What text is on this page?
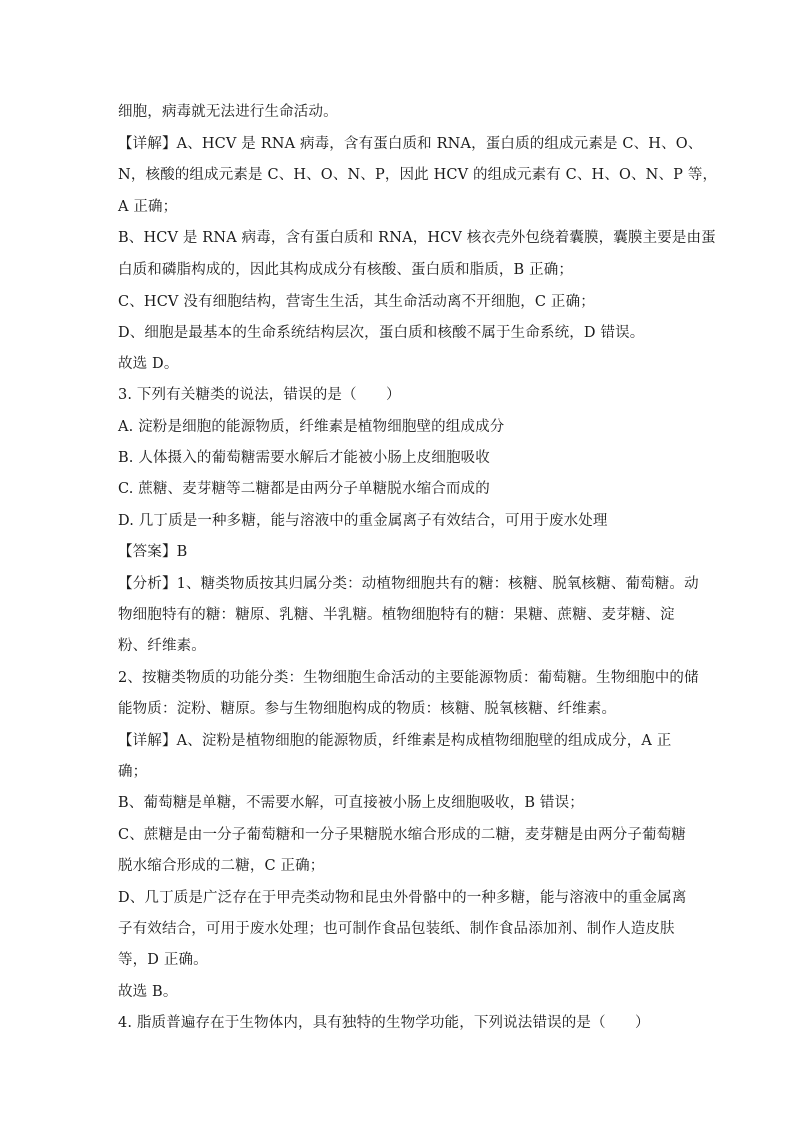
细胞，病毒就无法进行生命活动。

【详解】A、HCV 是 RNA 病毒，含有蛋白质和 RNA，蛋白质的组成元素是 C、H、O、

N，核酸的组成元素是 C、H、O、N、P，因此 HCV 的组成元素有 C、H、O、N、P 等，

A 正确；

B、HCV 是 RNA 病毒，含有蛋白质和 RNA，HCV 核衣壳外包绕着囊膜，囊膜主要是由蛋

白质和磷脂构成的，因此其构成成分有核酸、蛋白质和脂质，B 正确；

C、HCV 没有细胞结构，营寄生生活，其生命活动离不开细胞，C 正确；

D、细胞是最基本的生命系统结构层次，蛋白质和核酸不属于生命系统，D 错误。

故选 D。

3. 下列有关糖类的说法，错误的是（　　）

A. 淀粉是细胞的能源物质，纤维素是植物细胞壁的组成成分

B. 人体摄入的葡萄糖需要水解后才能被小肠上皮细胞吸收

C. 蔗糖、麦芽糖等二糖都是由两分子单糖脱水缩合而成的

D. 几丁质是一种多糖，能与溶液中的重金属离子有效结合，可用于废水处理

【答案】B

【分析】1、糖类物质按其归属分类：动植物细胞共有的糖：核糖、脱氧核糖、葡萄糖。动

物细胞特有的糖：糖原、乳糖、半乳糖。植物细胞特有的糖：果糖、蔗糖、麦芽糖、淀

粉、纤维素。

2、按糖类物质的功能分类：生物细胞生命活动的主要能源物质：葡萄糖。生物细胞中的储

能物质：淀粉、糖原。参与生物细胞构成的物质：核糖、脱氧核糖、纤维素。

【详解】A、淀粉是植物细胞的能源物质，纤维素是构成植物细胞壁的组成成分，A 正

确；

B、葡萄糖是单糖，不需要水解，可直接被小肠上皮细胞吸收，B 错误；

C、蔗糖是由一分子葡萄糖和一分子果糖脱水缩合形成的二糖，麦芽糖是由两分子葡萄糖

脱水缩合形成的二糖，C 正确；

D、几丁质是广泛存在于甲壳类动物和昆虫外骨骼中的一种多糖，能与溶液中的重金属离

子有效结合，可用于废水处理；也可制作食品包装纸、制作食品添加剂、制作人造皮肤

等，D 正确。

故选 B。

4. 脂质普遍存在于生物体内，具有独特的生物学功能，下列说法错误的是（　　）
